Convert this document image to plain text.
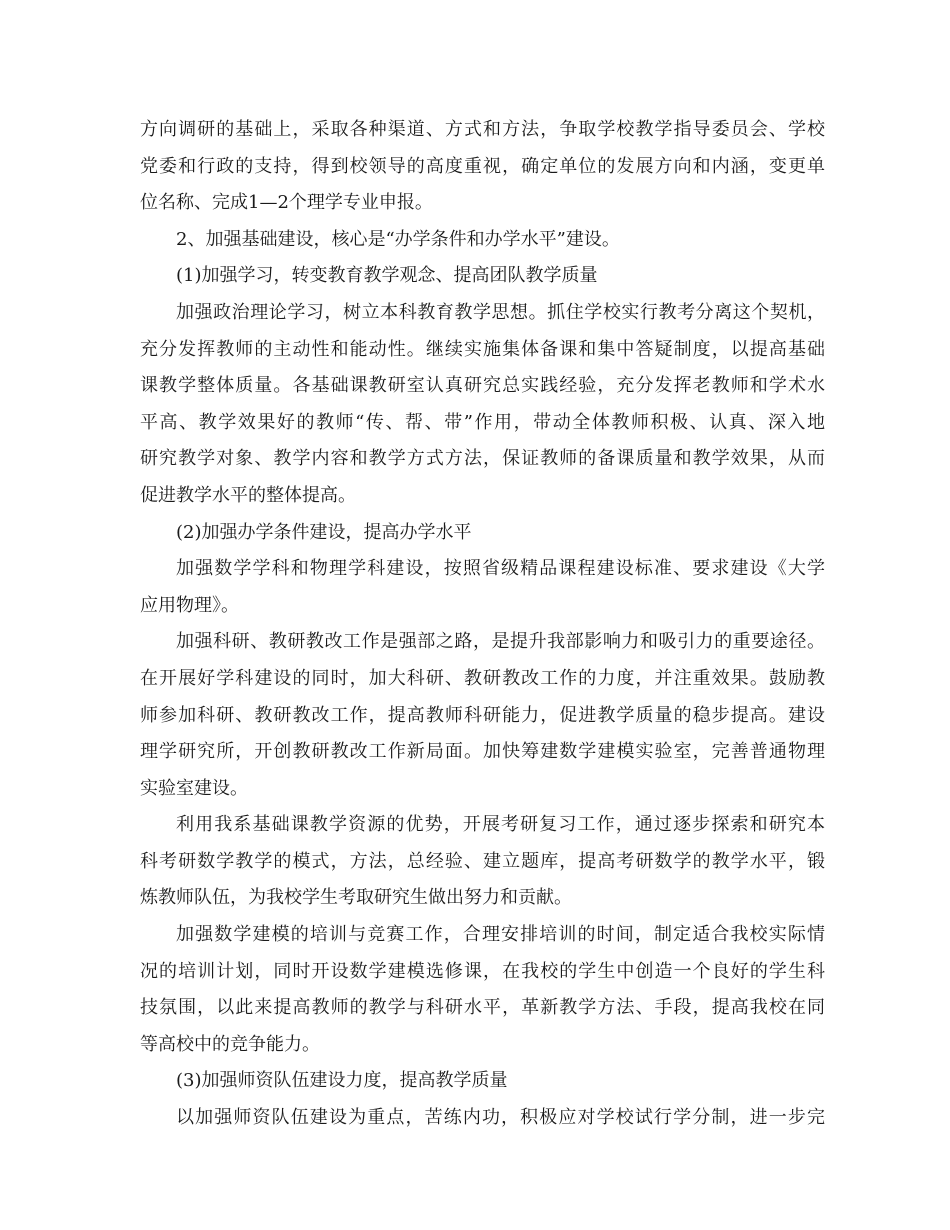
方向调研的基础上，采取各种渠道、方式和方法，争取学校教学指导委员会、学校
党委和行政的支持，得到校领导的高度重视，确定单位的发展方向和内涵，变更单
位名称、完成1—2个理学专业申报。
2、加强基础建设，核心是“办学条件和办学水平”建设。
(1)加强学习，转变教育教学观念、提高团队教学质量
加强政治理论学习，树立本科教育教学思想。抓住学校实行教考分离这个契机，
充分发挥教师的主动性和能动性。继续实施集体备课和集中答疑制度，以提高基础
课教学整体质量。各基础课教研室认真研究总实践经验，充分发挥老教师和学术水
平高、教学效果好的教师“传、帮、带”作用，带动全体教师积极、认真、深入地
研究教学对象、教学内容和教学方式方法，保证教师的备课质量和教学效果，从而
促进教学水平的整体提高。
(2)加强办学条件建设，提高办学水平
加强数学学科和物理学科建设，按照省级精品课程建设标准、要求建设《大学
应用物理》。
加强科研、教研教改工作是强部之路，是提升我部影响力和吸引力的重要途径。
在开展好学科建设的同时，加大科研、教研教改工作的力度，并注重效果。鼓励教
师参加科研、教研教改工作，提高教师科研能力，促进教学质量的稳步提高。建设
理学研究所，开创教研教改工作新局面。加快筹建数学建模实验室，完善普通物理
实验室建设。
利用我系基础课教学资源的优势，开展考研复习工作，通过逐步探索和研究本
科考研数学教学的模式，方法，总经验、建立题库，提高考研数学的教学水平，锻
炼教师队伍，为我校学生考取研究生做出努力和贡献。
加强数学建模的培训与竞赛工作，合理安排培训的时间，制定适合我校实际情
况的培训计划，同时开设数学建模选修课，在我校的学生中创造一个良好的学生科
技氛围，以此来提高教师的教学与科研水平，革新教学方法、手段，提高我校在同
等高校中的竞争能力。
(3)加强师资队伍建设力度，提高教学质量
以加强师资队伍建设为重点，苦练内功，积极应对学校试行学分制，进一步完
